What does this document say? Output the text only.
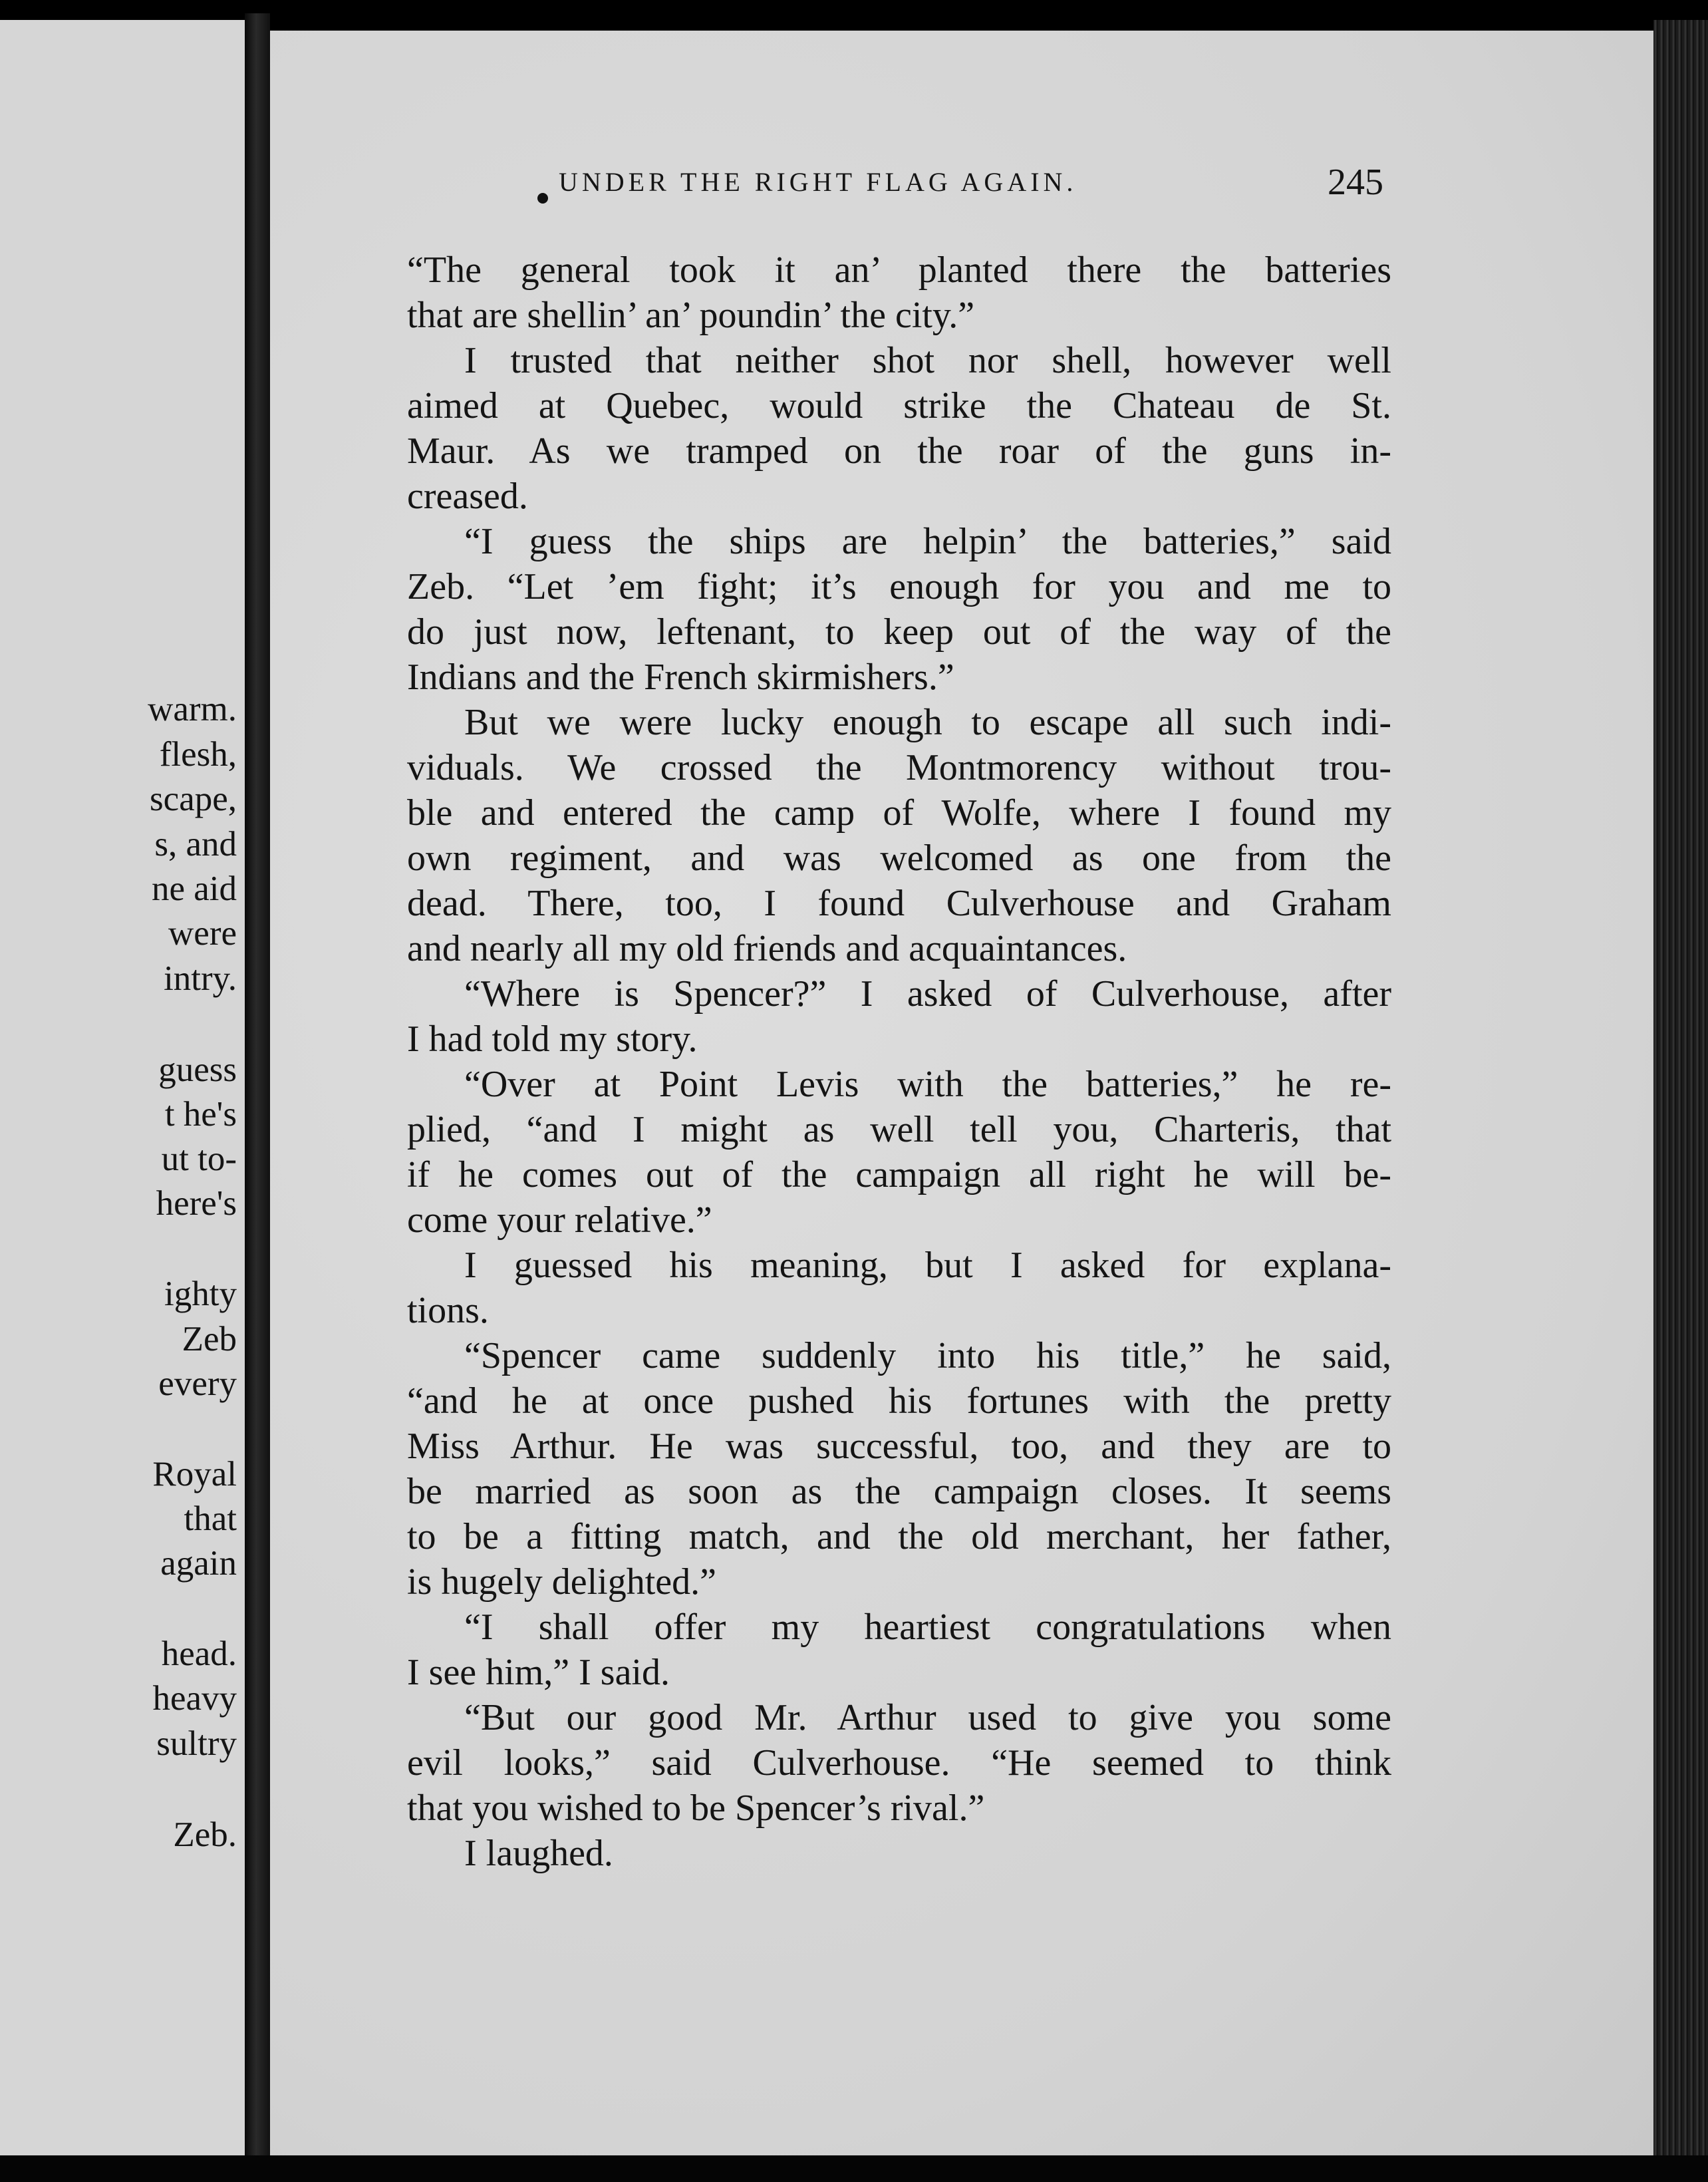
warm.
flesh,
scape,
s, and
ne aid
were
intry.
guess
t he's
ut to-
here's
ighty
Zeb
every
Royal
that
again
head.
heavy
sultry
Zeb.
UNDER THE RIGHT FLAG AGAIN.	245

“The general took it an’ planted there the batteries

that are shellin’ an’ poundin’ the city.”

I trusted that neither shot nor shell, however well

aimed at Quebec, would strike the Chateau de St.

Maur. As we tramped on the roar of the guns in-

creased.

“I guess the ships are helpin’ the batteries,” said

Zeb. “Let ’em fight; it’s enough for you and me to

do just now, leftenant, to keep out of the way of the

Indians and the French skirmishers.”

But we were lucky enough to escape all such indi-

viduals. We crossed the Montmorency without trou-

ble and entered the camp of Wolfe, where I found my

own regiment, and was welcomed as one from the

dead. There, too, I found Culverhouse and Graham

and nearly all my old friends and acquaintances.

“Where is Spencer?” I asked of Culverhouse, after

I had told my story.

“Over at Point Levis with the batteries,” he re-

plied, “and I might as well tell you, Charteris, that

if he comes out of the campaign all right he will be-

come your relative.”

I guessed his meaning, but I asked for explana-

tions.

“Spencer came suddenly into his title,” he said,

“and he at once pushed his fortunes with the pretty

Miss Arthur. He was successful, too, and they are to

be married as soon as the campaign closes. It seems

to be a fitting match, and the old merchant, her father,

is hugely delighted.”

“I shall offer my heartiest congratulations when

I see him,” I said.

“But our good Mr. Arthur used to give you some

evil looks,” said Culverhouse. “He seemed to think

that you wished to be Spencer’s rival.”

I laughed.
